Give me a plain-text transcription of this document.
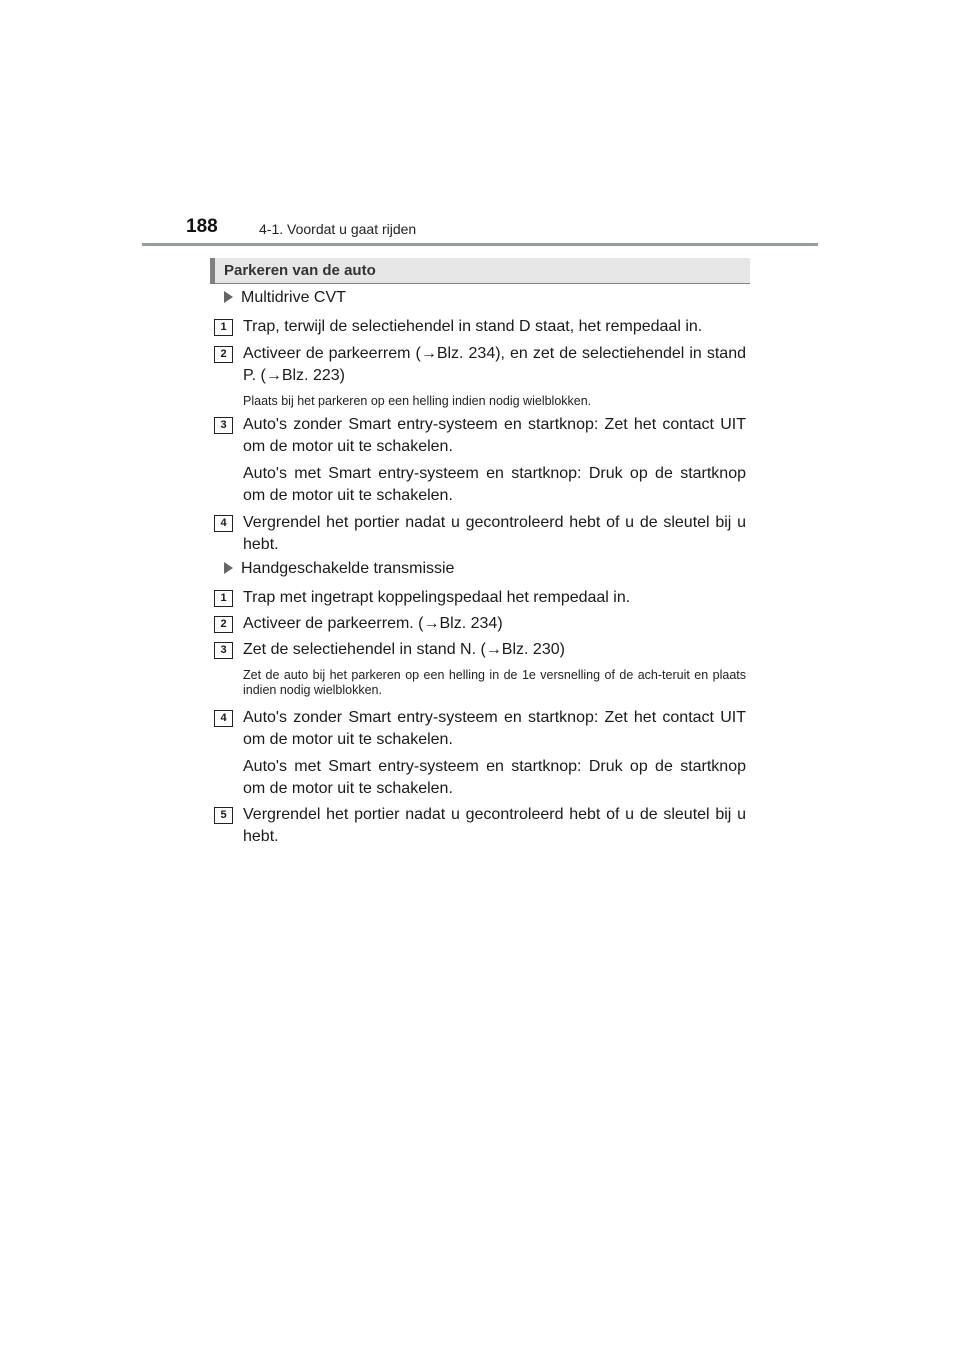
188	4-1. Voordat u gaat rijden
Parkeren van de auto
Multidrive CVT
1	Trap, terwijl de selectiehendel in stand D staat, het rempedaal in.
2	Activeer de parkeerrem (→Blz. 234), en zet de selectiehendel in stand P. (→Blz. 223)
Plaats bij het parkeren op een helling indien nodig wielblokken.
3	Auto's zonder Smart entry-systeem en startknop: Zet het contact UIT om de motor uit te schakelen.
Auto's met Smart entry-systeem en startknop: Druk op de startknop om de motor uit te schakelen.
4	Vergrendel het portier nadat u gecontroleerd hebt of u de sleutel bij u hebt.
Handgeschakelde transmissie
1	Trap met ingetrapt koppelingspedaal het rempedaal in.
2	Activeer de parkeerrem. (→Blz. 234)
3	Zet de selectiehendel in stand N. (→Blz. 230)
Zet de auto bij het parkeren op een helling in de 1e versnelling of de ach-teruit en plaats indien nodig wielblokken.
4	Auto's zonder Smart entry-systeem en startknop: Zet het contact UIT om de motor uit te schakelen.
Auto's met Smart entry-systeem en startknop: Druk op de startknop om de motor uit te schakelen.
5	Vergrendel het portier nadat u gecontroleerd hebt of u de sleutel bij u hebt.
